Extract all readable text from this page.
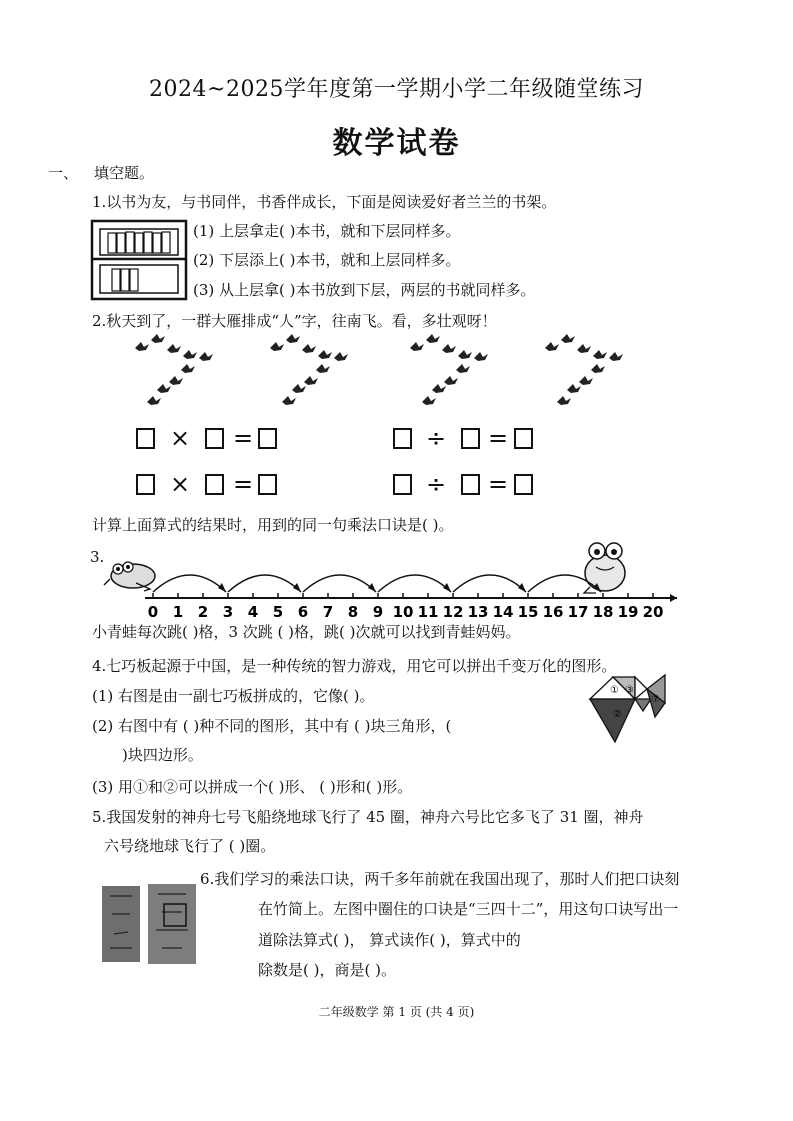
2024~2025学年度第一学期小学二年级随堂练习
数学试卷
一、 填空题。
1.以书为友，与书同伴，书香伴成长，下面是阅读爱好者兰兰的书架。
(1) 上层拿走( )本书，就和下层同样多。
(2) 下层添上( )本书，就和上层同样多。
(3) 从上层拿( )本书放到下层，两层的书就同样多。
2.秋天到了，一群大雁排成“人”字，往南飞。看，多壮观呀！
× =	÷ =
× =	÷ =
计算上面算式的结果时，用到的同一句乘法口诀是( )。
3.
0 1 2 3 4 5 6 7 8 9 10 11 12 13 14 15 16 17 18 19 20
小青蛙每次跳( )格，3 次跳 ( )格，跳( )次就可以找到青蛙妈妈。
4.七巧板起源于中国，是一种传统的智力游戏，用它可以拼出千变万化的图形。
(1) 右图是由一副七巧板拼成的，它像( )。
(2) 右图中有 ( )种不同的图形，其中有 ( )块三角形，(
)块四边形。
(3) 用①和②可以拼成一个( )形、 ( )形和( )形。
① ③
②
⑦
5.我国发射的神舟七号飞船绕地球飞行了 45 圈，神舟六号比它多飞了 31 圈，神舟
六号绕地球飞行了 ( )圈。
6.我们学习的乘法口诀，两千多年前就在我国出现了，那时人们把口诀刻
在竹简上。左图中圈住的口诀是“三四十二”，用这句口诀写出一
道除法算式( )， 算式读作( )，算式中的
除数是( )，商是( )。
二年级数学 第 1 页 (共 4 页)
